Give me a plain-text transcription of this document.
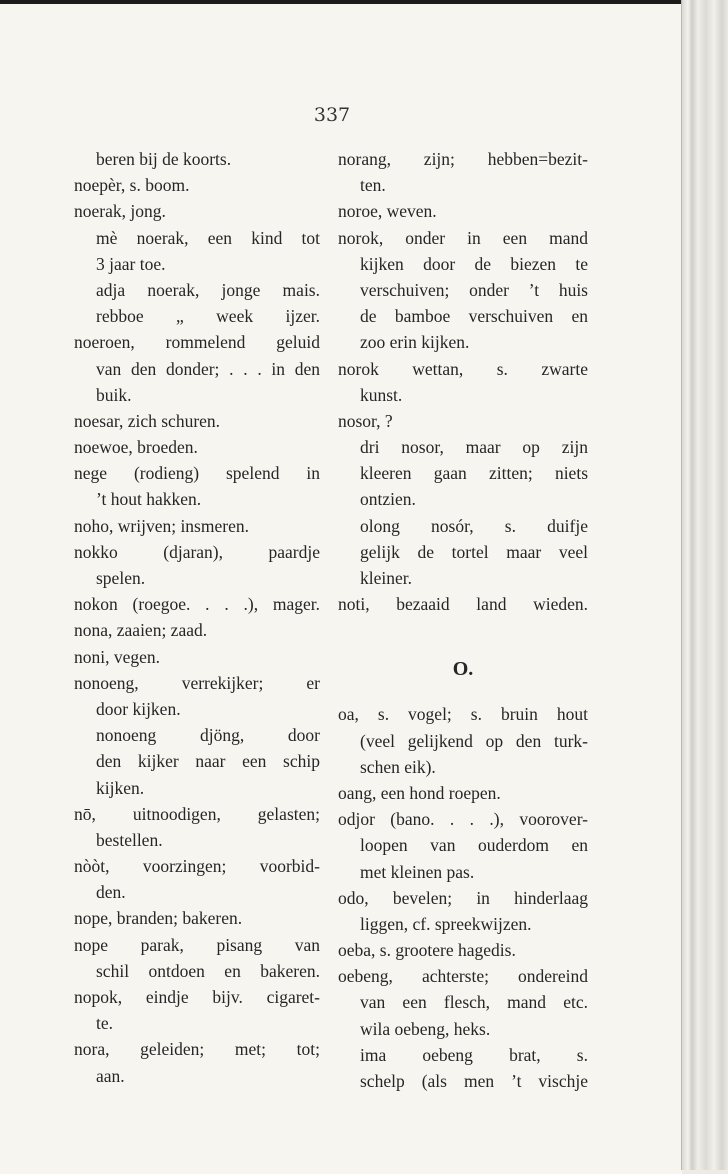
337
beren bij de koorts.
noepèr, s. boom.
noerak, jong.
mè noerak, een kind tot
3 jaar toe.
adja noerak, jonge mais.
rebboe „ week ijzer.
noeroen, rommelend geluid
van den donder; . . . in den
buik.
noesar, zich schuren.
noewoe, broeden.
nege (rodieng) spelend in
’t hout hakken.
noho, wrijven; insmeren.
nokko (djaran), paardje
spelen.
nokon (roegoe. . . .), mager.
nona, zaaien; zaad.
noni, vegen.
nonoeng, verrekijker; er
door kijken.
nonoeng djöng, door
den kijker naar een schip
kijken.
nō, uitnoodigen, gelasten;
bestellen.
nòòt, voorzingen; voorbid-
den.
nope, branden; bakeren.
nope parak, pisang van
schil ontdoen en bakeren.
nopok, eindje bijv. cigaret-
te.
nora, geleiden; met; tot;
aan.
norang, zijn; hebben=bezit-
ten.
noroe, weven.
norok, onder in een mand
kijken door de biezen te
verschuiven; onder ’t huis
de bamboe verschuiven en
zoo erin kijken.
norok wettan, s. zwarte
kunst.
nosor, ?
dri nosor, maar op zijn
kleeren gaan zitten; niets
ontzien.
olong nosór, s. duifje
gelijk de tortel maar veel
kleiner.
noti, bezaaid land wieden.
O.
oa, s. vogel; s. bruin hout
(veel gelijkend op den turk-
schen eik).
oang, een hond roepen.
odjor (bano. . . .), voorover-
loopen van ouderdom en
met kleinen pas.
odo, bevelen; in hinderlaag
liggen, cf. spreekwijzen.
oeba, s. grootere hagedis.
oebeng, achterste; ondereind
van een flesch, mand etc.
wila oebeng, heks.
ima oebeng brat, s.
schelp (als men ’t vischje
